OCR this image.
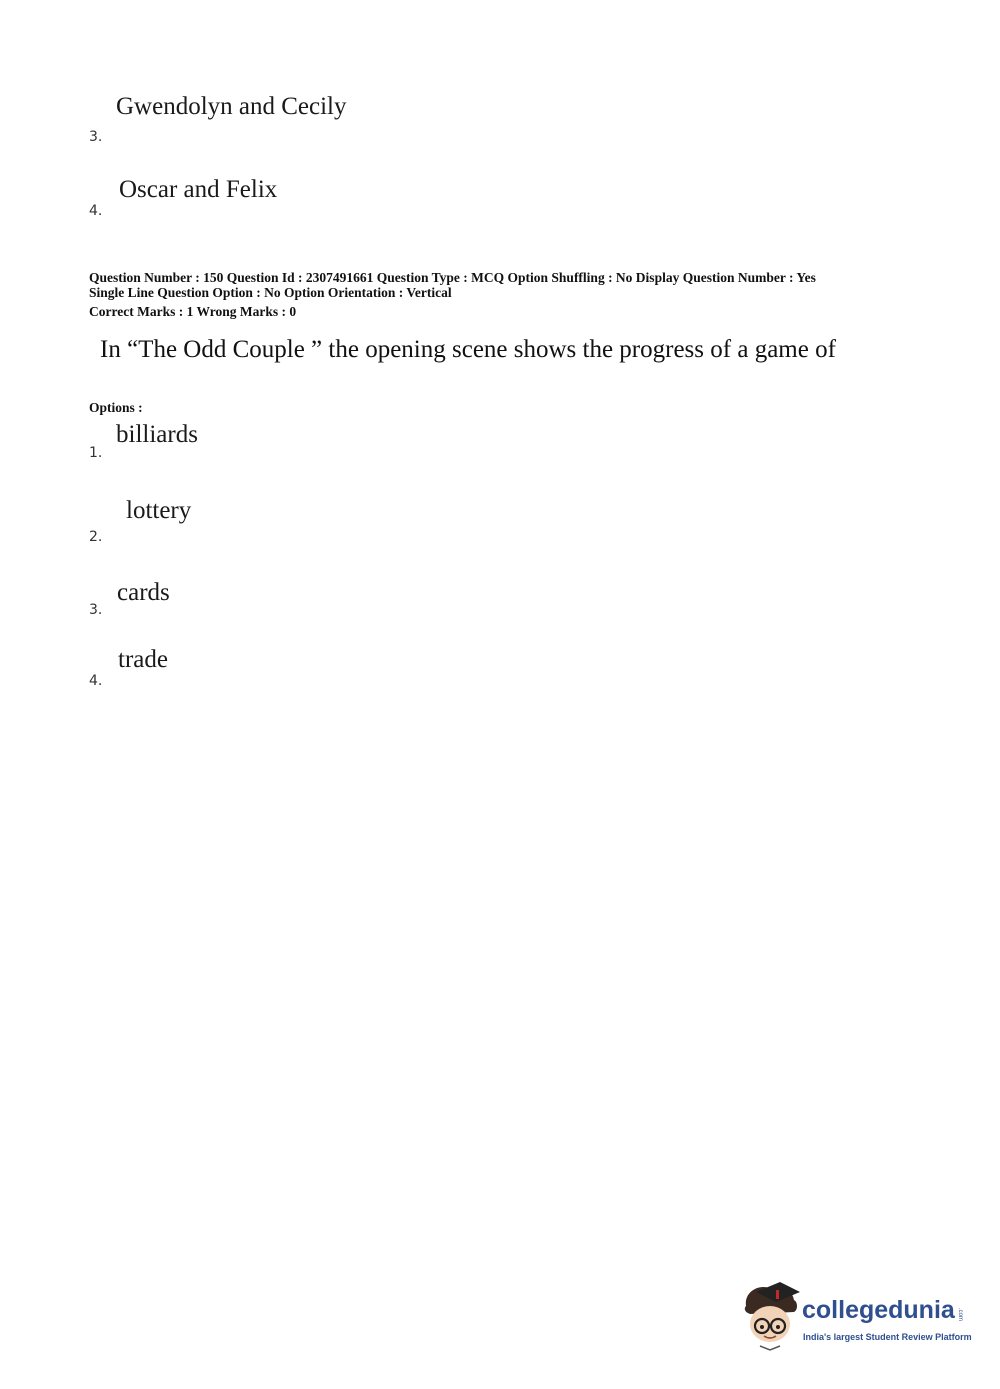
Gwendolyn and Cecily
3.
Oscar and Felix
4.
Question Number : 150 Question Id : 2307491661 Question Type : MCQ Option Shuffling : No Display Question Number : Yes
Single Line Question Option : No Option Orientation : Vertical
Correct Marks : 1 Wrong Marks : 0
In “The Odd Couple ” the opening scene shows the progress of a game of
Options :
billiards
1.
lottery
2.
cards
3.
trade
4.
collegedunia .com
India's largest Student Review Platform
